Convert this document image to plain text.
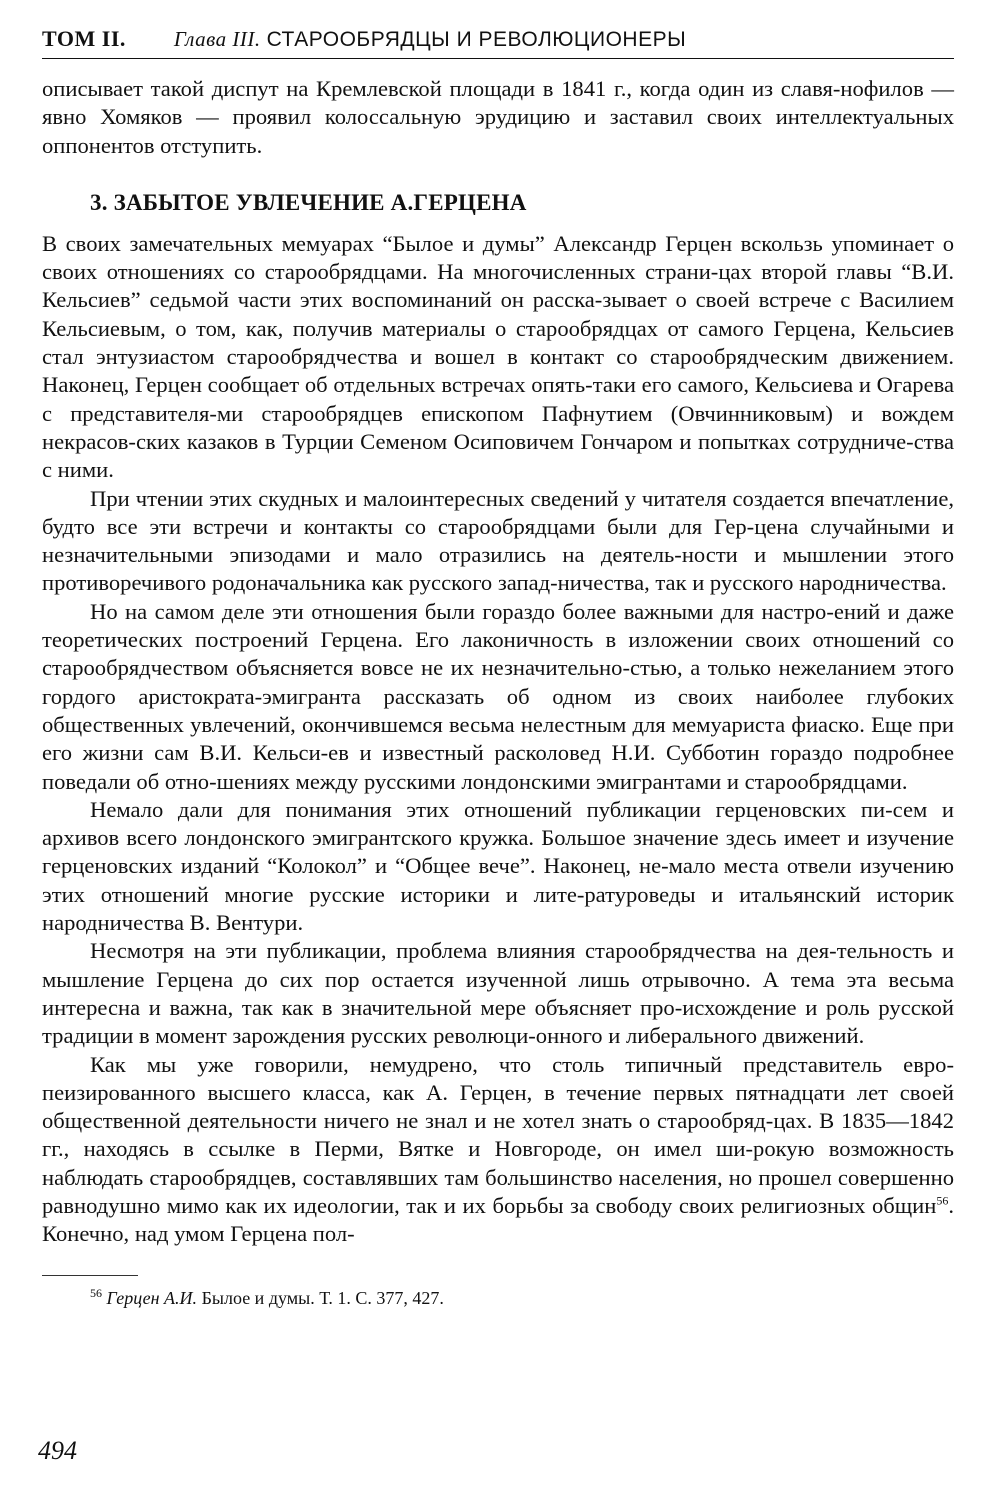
ТОМ II. Глава III. СТАРООБРЯДЦЫ И РЕВОЛЮЦИОНЕРЫ

описывает такой диспут на Кремлевской площади в 1841 г., когда один из славя-нофилов — явно Хомяков — проявил колоссальную эрудицию и заставил своих интеллектуальных оппонентов отступить.

3. ЗАБЫТОЕ УВЛЕЧЕНИЕ А.ГЕРЦЕНА

В своих замечательных мемуарах “Былое и думы” Александр Герцен вскользь упоминает о своих отношениях со старообрядцами. На многочисленных страни-цах второй главы “В.И. Кельсиев” седьмой части этих воспоминаний он расска-зывает о своей встрече с Василием Кельсиевым, о том, как, получив материалы о старообрядцах от самого Герцена, Кельсиев стал энтузиастом старообрядчества и вошел в контакт со старообрядческим движением. Наконец, Герцен сообщает об отдельных встречах опять-таки его самого, Кельсиева и Огарева с представителя-ми старообрядцев епископом Пафнутием (Овчинниковым) и вождем некрасов-ских казаков в Турции Семеном Осиповичем Гончаром и попытках сотрудниче-ства с ними.

При чтении этих скудных и малоинтересных сведений у читателя создается впечатление, будто все эти встречи и контакты со старообрядцами были для Гер-цена случайными и незначительными эпизодами и мало отразились на деятель-ности и мышлении этого противоречивого родоначальника как русского запад-ничества, так и русского народничества.

Но на самом деле эти отношения были гораздо более важными для настро-ений и даже теоретических построений Герцена. Его лаконичность в изложении своих отношений со старообрядчеством объясняется вовсе не их незначительно-стью, а только нежеланием этого гордого аристократа-эмигранта рассказать об одном из своих наиболее глубоких общественных увлечений, окончившемся весьма нелестным для мемуариста фиаско. Еще при его жизни сам В.И. Кельси-ев и известный расколовед Н.И. Субботин гораздо подробнее поведали об отно-шениях между русскими лондонскими эмигрантами и старообрядцами.

Немало дали для понимания этих отношений публикации герценовских пи-сем и архивов всего лондонского эмигрантского кружка. Большое значение здесь имеет и изучение герценовских изданий “Колокол” и “Общее вече”. Наконец, не-мало места отвели изучению этих отношений многие русские историки и лите-ратуроведы и итальянский историк народничества В. Вентури.

Несмотря на эти публикации, проблема влияния старообрядчества на дея-тельность и мышление Герцена до сих пор остается изученной лишь отрывочно. А тема эта весьма интересна и важна, так как в значительной мере объясняет про-исхождение и роль русской традиции в момент зарождения русских революци-онного и либерального движений.

Как мы уже говорили, немудрено, что столь типичный представитель евро-пеизированного высшего класса, как А. Герцен, в течение первых пятнадцати лет своей общественной деятельности ничего не знал и не хотел знать о старообряд-цах. В 1835—1842 гг., находясь в ссылке в Перми, Вятке и Новгороде, он имел ши-рокую возможность наблюдать старообрядцев, составлявших там большинство населения, но прошел совершенно равнодушно мимо как их идеологии, так и их борьбы за свободу своих религиозных общин$^{56}$. Конечно, над умом Герцена пол-

$^{56}$ Герцен А.И. Былое и думы. Т. 1. С. 377, 427.
494
